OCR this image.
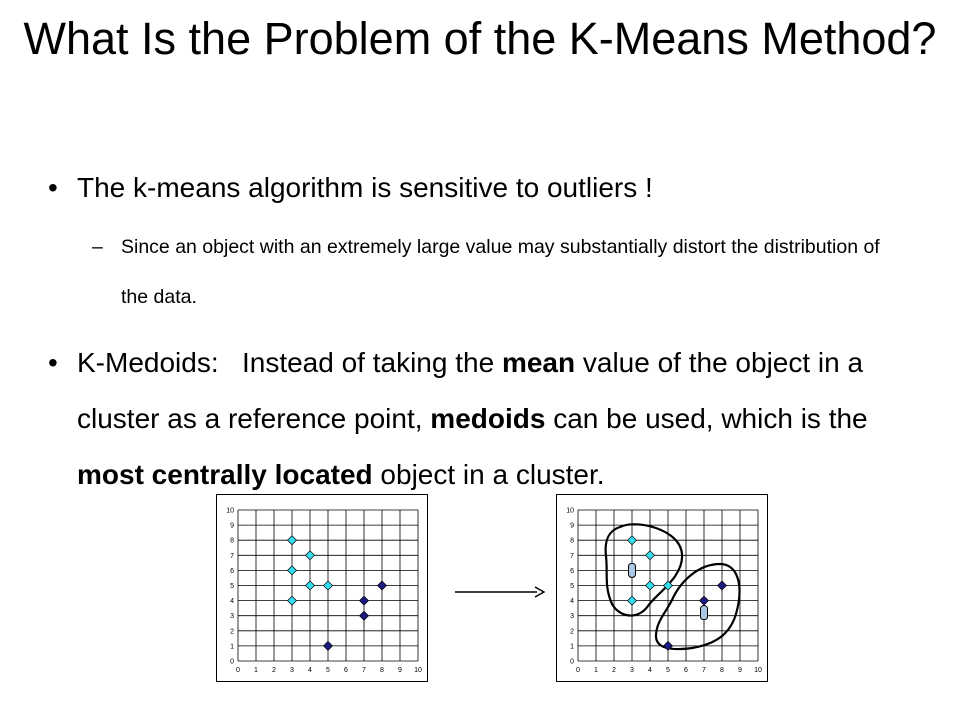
What Is the Problem of the K-Means Method?
• The k-means algorithm is sensitive to outliers !
– Since an object with an extremely large value may substantially distort the distribution of the data.
• K-Medoids: Instead of taking the mean value of the object in a cluster as a reference point, medoids can be used, which is the most centrally located object in a cluster.
0
0
1
1
2
2
3
3
4
4
5
5
6
6
7
7
8
8
9
9
10
10
0
0
1
1
2
2
3
3
4
4
5
5
6
6
7
7
8
8
9
9
10
10
